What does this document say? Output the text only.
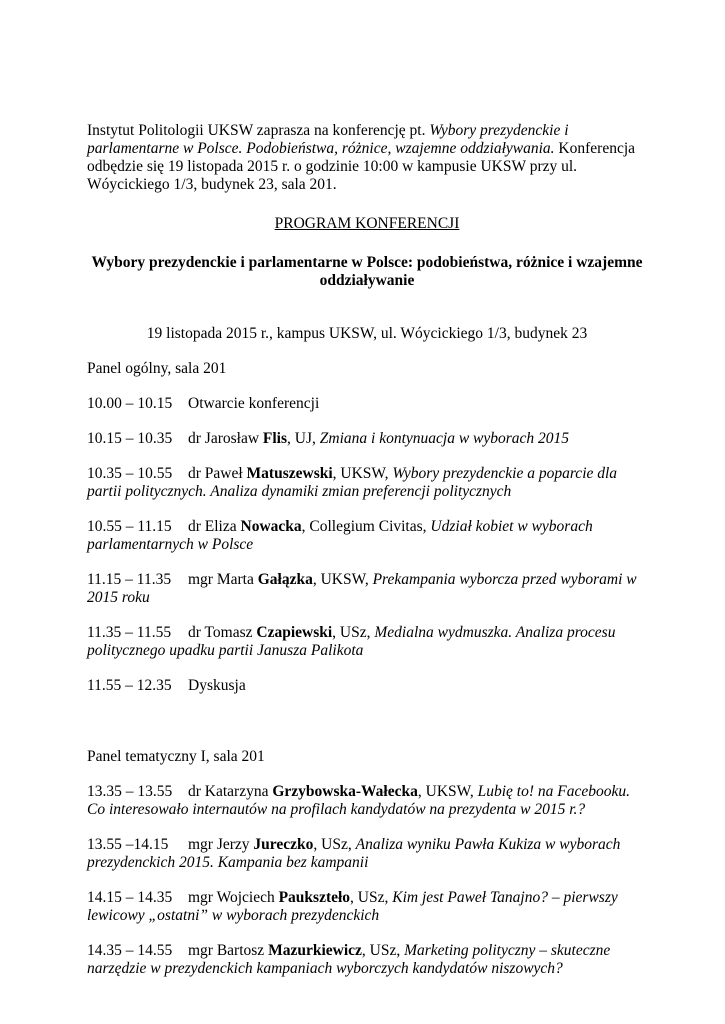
Instytut Politologii UKSW zaprasza na konferencję pt. Wybory prezydenckie i parlamentarne w Polsce. Podobieństwa, różnice, wzajemne oddziaływania. Konferencja odbędzie się 19 listopada 2015 r. o godzinie 10:00 w kampusie UKSW przy ul. Wóycickiego 1/3, budynek 23, sala 201.

PROGRAM KONFERENCJI
Wybory prezydenckie i parlamentarne w Polsce: podobieństwa, różnice i wzajemne oddziaływanie
19 listopada 2015 r., kampus UKSW, ul. Wóycickiego 1/3, budynek 23
Panel ogólny, sala 201
10.00 – 10.15 Otwarcie konferencji
10.15 – 10.35 dr Jarosław Flis, UJ, Zmiana i kontynuacja w wyborach 2015
10.35 – 10.55 dr Paweł Matuszewski, UKSW, Wybory prezydenckie a poparcie dla partii politycznych. Analiza dynamiki zmian preferencji politycznych
10.55 – 11.15 dr Eliza Nowacka, Collegium Civitas, Udział kobiet w wyborach parlamentarnych w Polsce
11.15 – 11.35 mgr Marta Gałązka, UKSW, Prekampania wyborcza przed wyborami w 2015 roku
11.35 – 11.55 dr Tomasz Czapiewski, USz, Medialna wydmuszka. Analiza procesu politycznego upadku partii Janusza Palikota
11.55 – 12.35 Dyskusja
Panel tematyczny I, sala 201
13.35 – 13.55 dr Katarzyna Grzybowska-Wałecka, UKSW, Lubię to! na Facebooku. Co interesowało internautów na profilach kandydatów na prezydenta w 2015 r.?
13.55 –14.15 mgr Jerzy Jureczko, USz, Analiza wyniku Pawła Kukiza w wyborach prezydenckich 2015. Kampania bez kampanii
14.15 – 14.35 mgr Wojciech Paukszteło, USz, Kim jest Paweł Tanajno? – pierwszy lewicowy „ostatni” w wyborach prezydenckich
14.35 – 14.55 mgr Bartosz Mazurkiewicz, USz, Marketing polityczny – skuteczne narzędzie w prezydenckich kampaniach wyborczych kandydatów niszowych?
